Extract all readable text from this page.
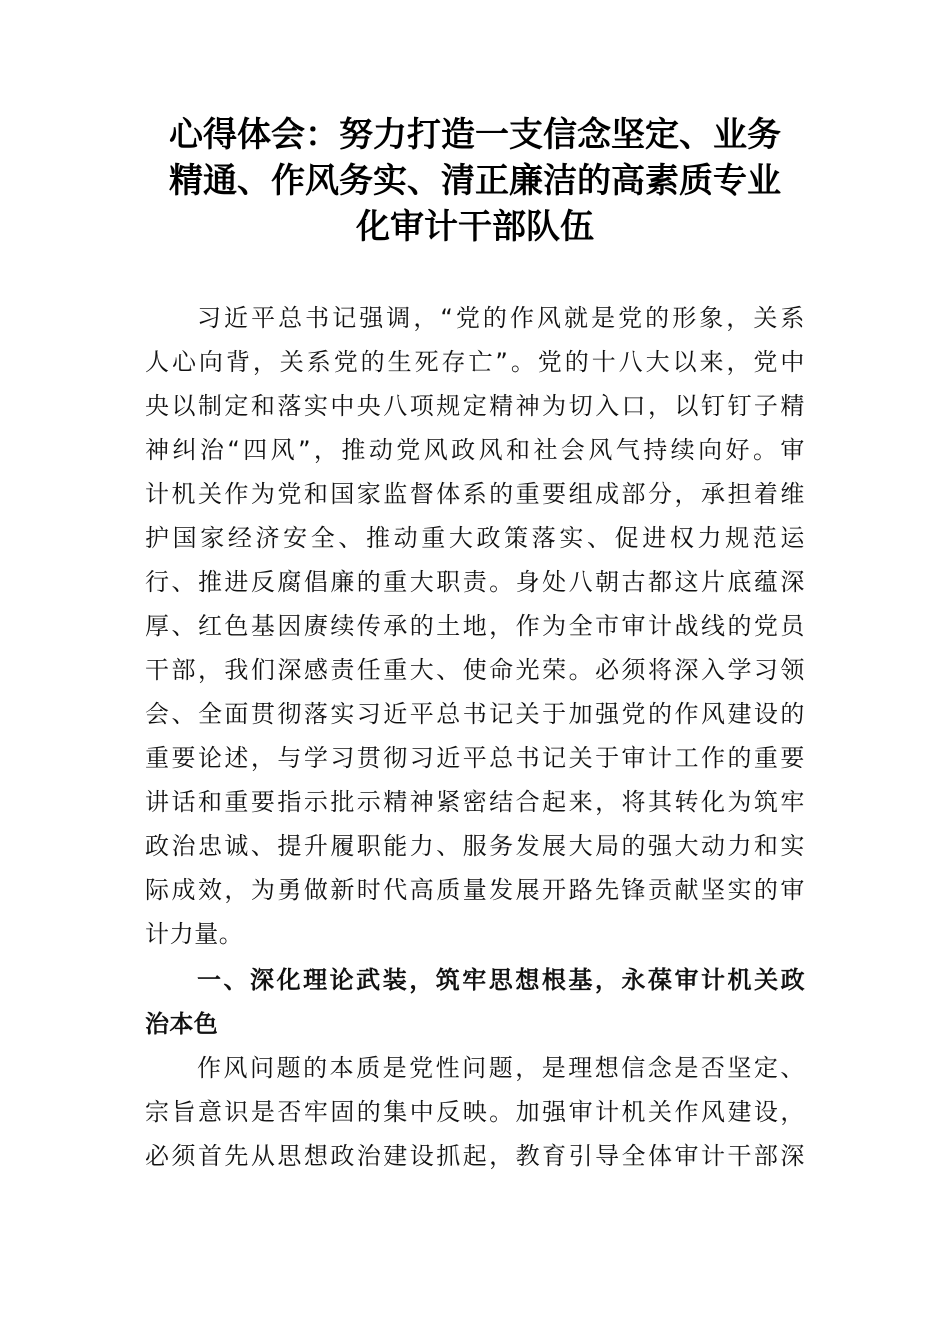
心得体会：努力打造一支信念坚定、业务
精通、作风务实、清正廉洁的高素质专业
化审计干部队伍
习近平总书记强调，“党的作风就是党的形象，关系
人心向背，关系党的生死存亡”。党的十八大以来，党中
央以制定和落实中央八项规定精神为切入口，以钉钉子精
神纠治“四风”，推动党风政风和社会风气持续向好。审
计机关作为党和国家监督体系的重要组成部分，承担着维
护国家经济安全、推动重大政策落实、促进权力规范运
行、推进反腐倡廉的重大职责。身处八朝古都这片底蕴深
厚、红色基因赓续传承的土地，作为全市审计战线的党员
干部，我们深感责任重大、使命光荣。必须将深入学习领
会、全面贯彻落实习近平总书记关于加强党的作风建设的
重要论述，与学习贯彻习近平总书记关于审计工作的重要
讲话和重要指示批示精神紧密结合起来，将其转化为筑牢
政治忠诚、提升履职能力、服务发展大局的强大动力和实
际成效，为勇做新时代高质量发展开路先锋贡献坚实的审
计力量。
一、深化理论武装，筑牢思想根基，永葆审计机关政
治本色
作风问题的本质是党性问题，是理想信念是否坚定、
宗旨意识是否牢固的集中反映。加强审计机关作风建设，
必须首先从思想政治建设抓起，教育引导全体审计干部深
